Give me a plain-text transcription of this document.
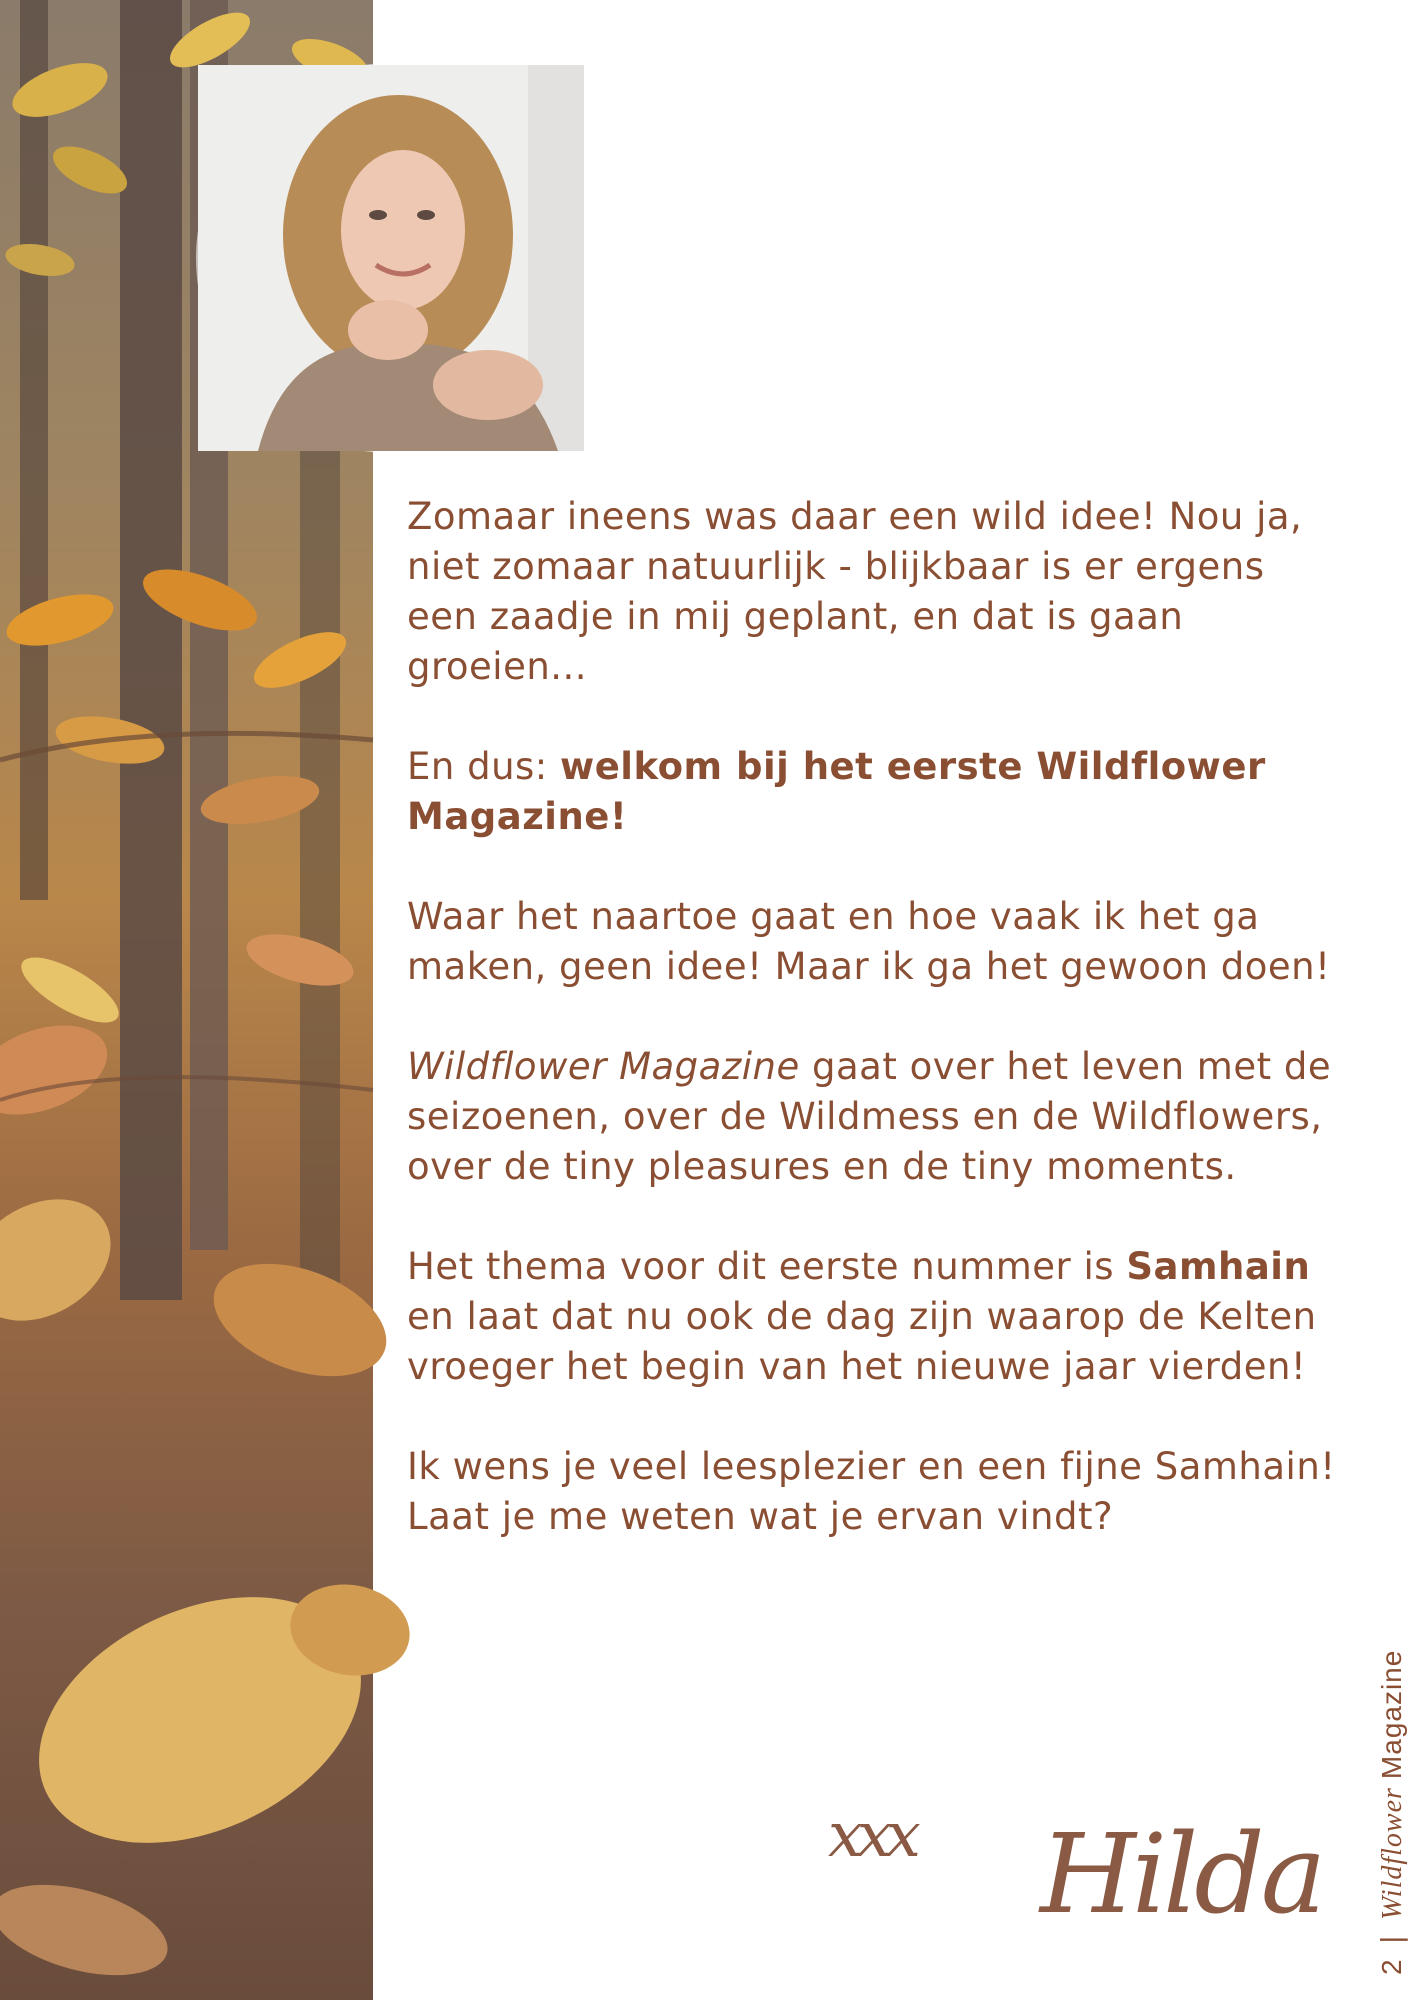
Zomaar ineens was daar een wild idee! Nou ja, niet zomaar natuurlijk - blijkbaar is er ergens een zaadje in mij geplant, en dat is gaan groeien...

En dus: welkom bij het eerste Wildflower Magazine!

Waar het naartoe gaat en hoe vaak ik het ga maken, geen idee! Maar ik ga het gewoon doen!

Wildflower Magazine gaat over het leven met de seizoenen, over de Wildmess en de Wildflowers, over de tiny pleasures en de tiny moments.

Het thema voor dit eerste nummer is Samhain en laat dat nu ook de dag zijn waarop de Kelten vroeger het begin van het nieuwe jaar vierden!

Ik wens je veel leesplezier en een fijne Samhain! Laat je me weten wat je ervan vindt?

xxx Hilda
2|WildflowerMagazine
